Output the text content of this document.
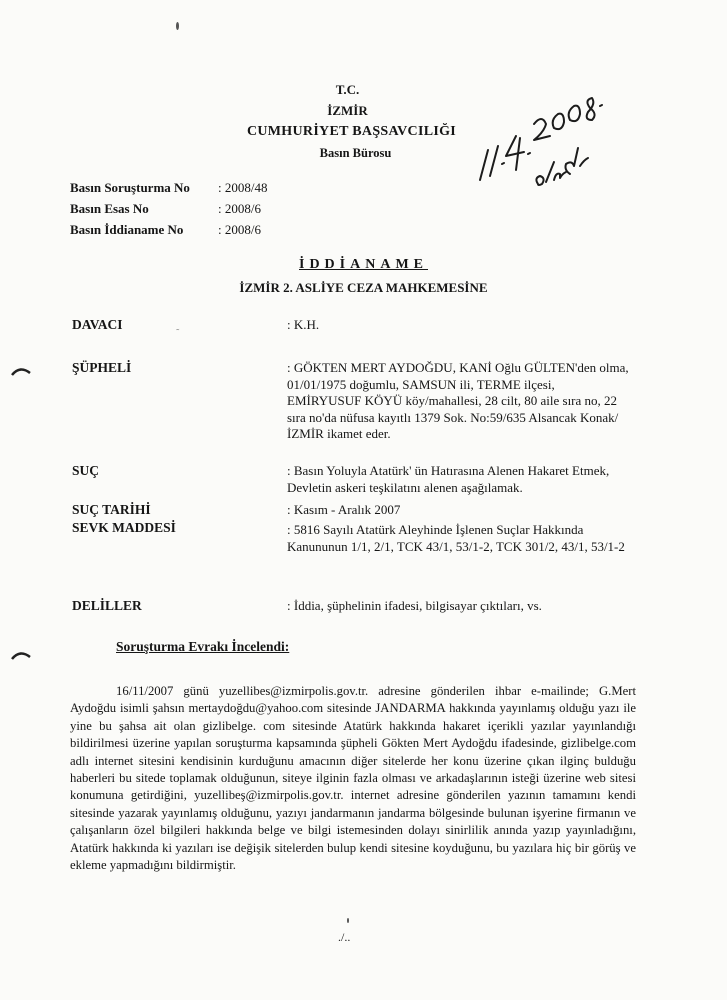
T.C.
İZMİR
CUMHURİYET BAŞSAVCILIĞI
Basın Bürosu
Basın Soruşturma No : 2008/48
Basın Esas No	: 2008/6
Basın İddianame No	: 2008/6
İDDİANAME
İZMİR 2. ASLİYE CEZA MAHKEMESİNE
DAVACI	: K.H.
˜
ŞÜPHELİ	: GÖKTEN MERT AYDOĞDU, KANİ Oğlu GÜLTEN'den olma, 01/01/1975 doğumlu, SAMSUN ili, TERME ilçesi, EMİRYUSUF KÖYÜ köy/mahallesi, 28 cilt, 80 aile sıra no, 22 sıra no'da nüfusa kayıtlı 1379 Sok. No:59/635 Alsancak Konak/ İZMİR ikamet eder.
SUÇ	: Basın Yoluyla Atatürk' ün Hatırasına Alenen Hakaret Etmek, Devletin askeri teşkilatını alenen aşağılamak.
SUÇ TARİHİ	: Kasım - Aralık 2007
SEVK MADDESİ	: 5816 Sayılı Atatürk Aleyhinde İşlenen Suçlar Hakkında Kanununun 1/1, 2/1, TCK 43/1, 53/1-2, TCK 301/2, 43/1, 53/1-2
DELİLLER	: İddia, şüphelinin ifadesi, bilgisayar çıktıları, vs.
Soruşturma Evrakı İncelendi:
16/11/2007 günü yuzellibes@izmirpolis.gov.tr. adresine gönderilen ihbar e-mailinde; G.Mert Aydoğdu isimli şahsın mertaydoğdu@yahoo.com sitesinde JANDARMA hakkında yayınlamış olduğu yazı ile yine bu şahsa ait olan gizlibelge. com sitesinde Atatürk hakkında hakaret içerikli yazılar yayınlandığı bildirilmesi üzerine yapılan soruşturma kapsamında şüpheli Gökten Mert Aydoğdu ifadesinde, gizlibelge.com adlı internet sitesini kendisinin kurduğunu amacının diğer sitelerde her konu üzerine çıkan ilginç bulduğu haberleri bu sitede toplamak olduğunun, siteye ilginin fazla olması ve arkadaşlarının isteği üzerine web sitesi konumuna getirdiğini, yuzellibeş@izmirpolis.gov.tr. internet adresine gönderilen yazının tamamını kendi sitesinde yazarak yayınlamış olduğunu, yazıyı jandarmanın jandarma bölgesinde bulunan işyerine firmanın ve çalışanların özel bilgileri hakkında belge ve bilgi istemesinden dolayı sinirlilik anında yazıp yayınladığını, Atatürk hakkında ki yazıları ise değişik sitelerden bulup kendi sitesine koyduğunu, bu yazılara hiç bir görüş ve ekleme yapmadığını bildirmiştir.
./..
